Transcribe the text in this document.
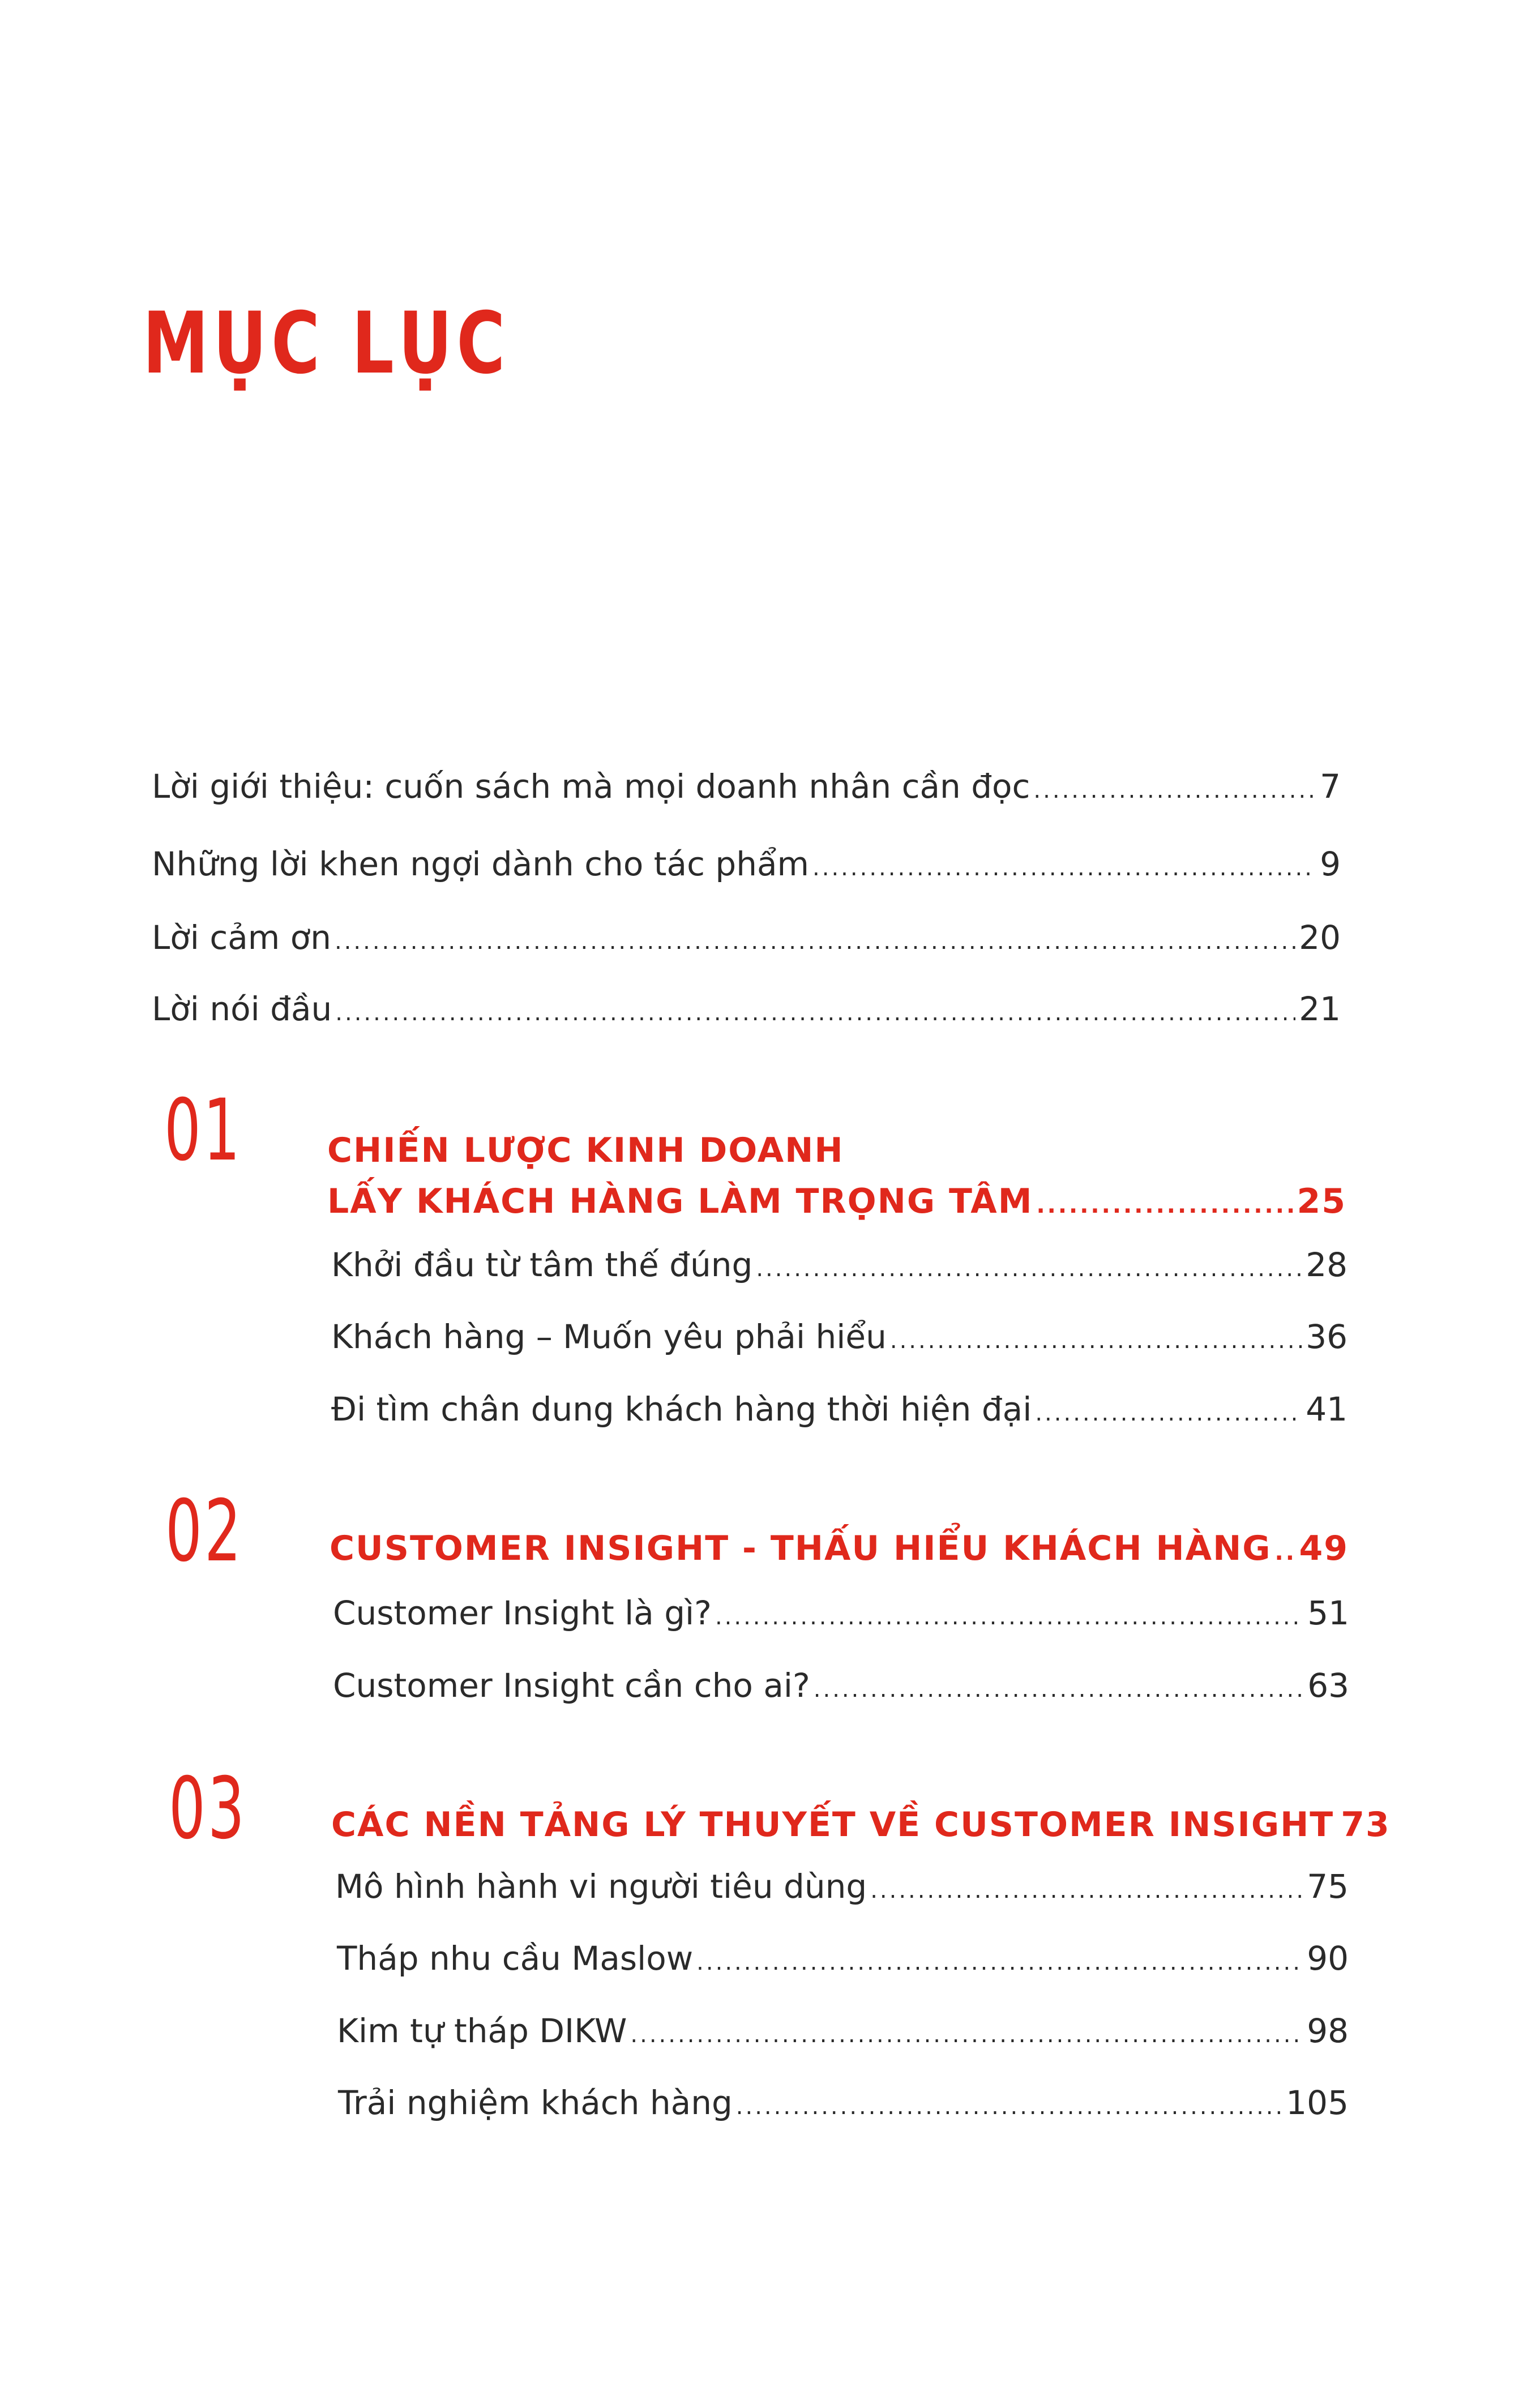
MỤC LỤC
Lời giới thiệu: cuốn sách mà mọi doanh nhân cần đọc .....	7
Những lời khen ngợi dành cho tác phẩm .....	9
Lời cảm ơn .....	20
Lời nói đầu .....	21
01	CHIẾN LƯỢC KINH DOANH
LẤY KHÁCH HÀNG LÀM TRỌNG TÂM .....	25
Khởi đầu từ tâm thế đúng .....	28
Khách hàng – Muốn yêu phải hiểu .....	36
Đi tìm chân dung khách hàng thời hiện đại .....	41
02	CUSTOMER INSIGHT - THẤU HIỂU KHÁCH HÀNG ..... 49
Customer Insight là gì? .....	51
Customer Insight cần cho ai? .....	63
03 CÁC NỀN TẢNG LÝ THUYẾT VỀ CUSTOMER INSIGHT 73
Mô hình hành vi người tiêu dùng .....	75
Tháp nhu cầu Maslow .....	90
Kim tự tháp DIKW .....	98
Trải nghiệm khách hàng .....	105
